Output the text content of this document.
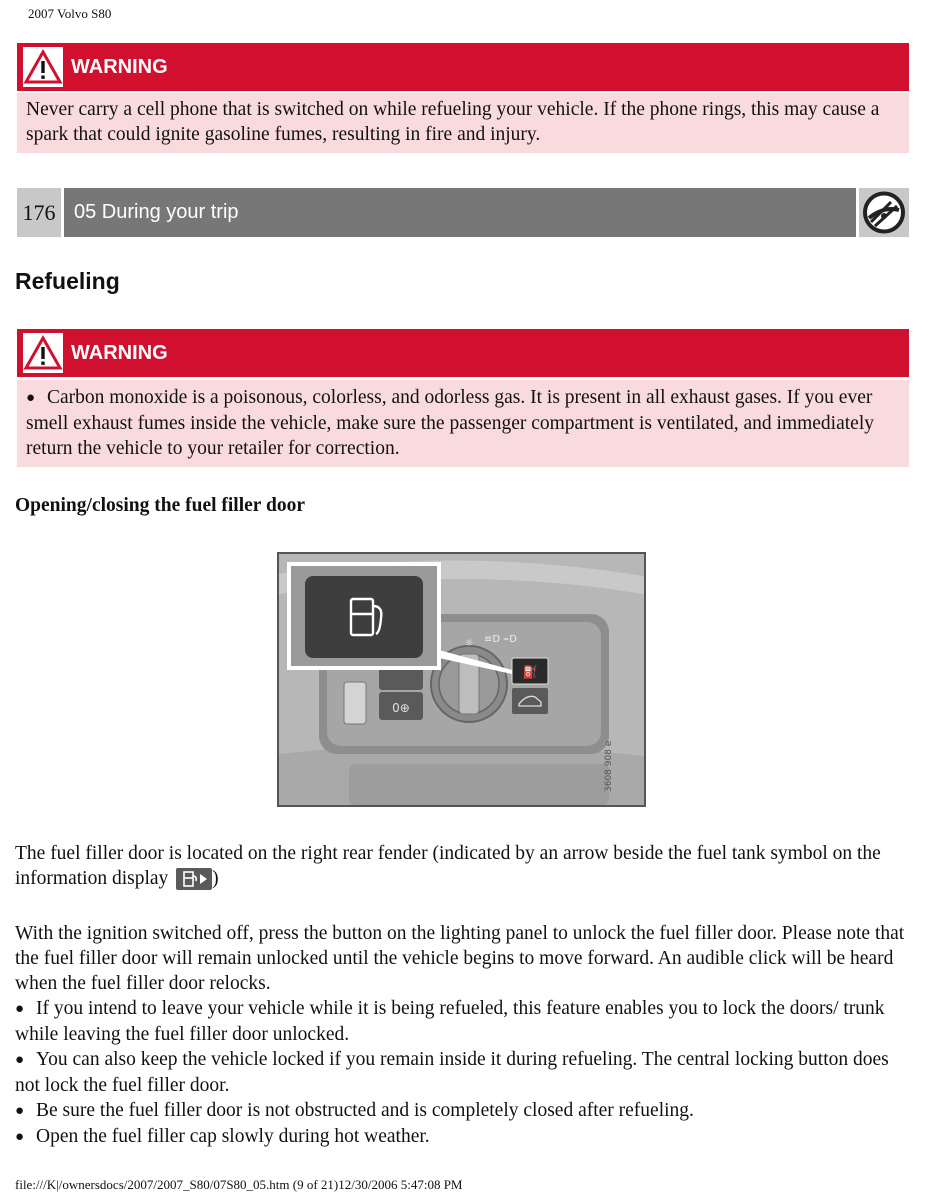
2007 Volvo S80
WARNING
Never carry a cell phone that is switched on while refueling your vehicle. If the phone rings, this may cause a spark that could ignite gasoline fumes, resulting in fire and injury.
176 05 During your trip
Refueling
WARNING
● Carbon monoxide is a poisonous, colorless, and odorless gas. It is present in all exhaust gases. If you ever smell exhaust fumes inside the vehicle, make sure the passenger compartment is ventilated, and immediately return the vehicle to your retailer for correction.
Opening/closing the fuel filler door
0⊕
☼ ≡D ⌁D
⛽
3608 908 e
The fuel filler door is located on the right rear fender (indicated by an arrow beside the fuel tank symbol on the information display )
With the ignition switched off, press the button on the lighting panel to unlock the fuel filler door. Please note that the fuel filler door will remain unlocked until the vehicle begins to move forward. An audible click will be heard when the fuel filler door relocks.
● If you intend to leave your vehicle while it is being refueled, this feature enables you to lock the doors/ trunk while leaving the fuel filler door unlocked.
● You can also keep the vehicle locked if you remain inside it during refueling. The central locking button does not lock the fuel filler door.
● Be sure the fuel filler door is not obstructed and is completely closed after refueling.
● Open the fuel filler cap slowly during hot weather.
file:///K|/ownersdocs/2007/2007_S80/07S80_05.htm (9 of 21)12/30/2006 5:47:08 PM
